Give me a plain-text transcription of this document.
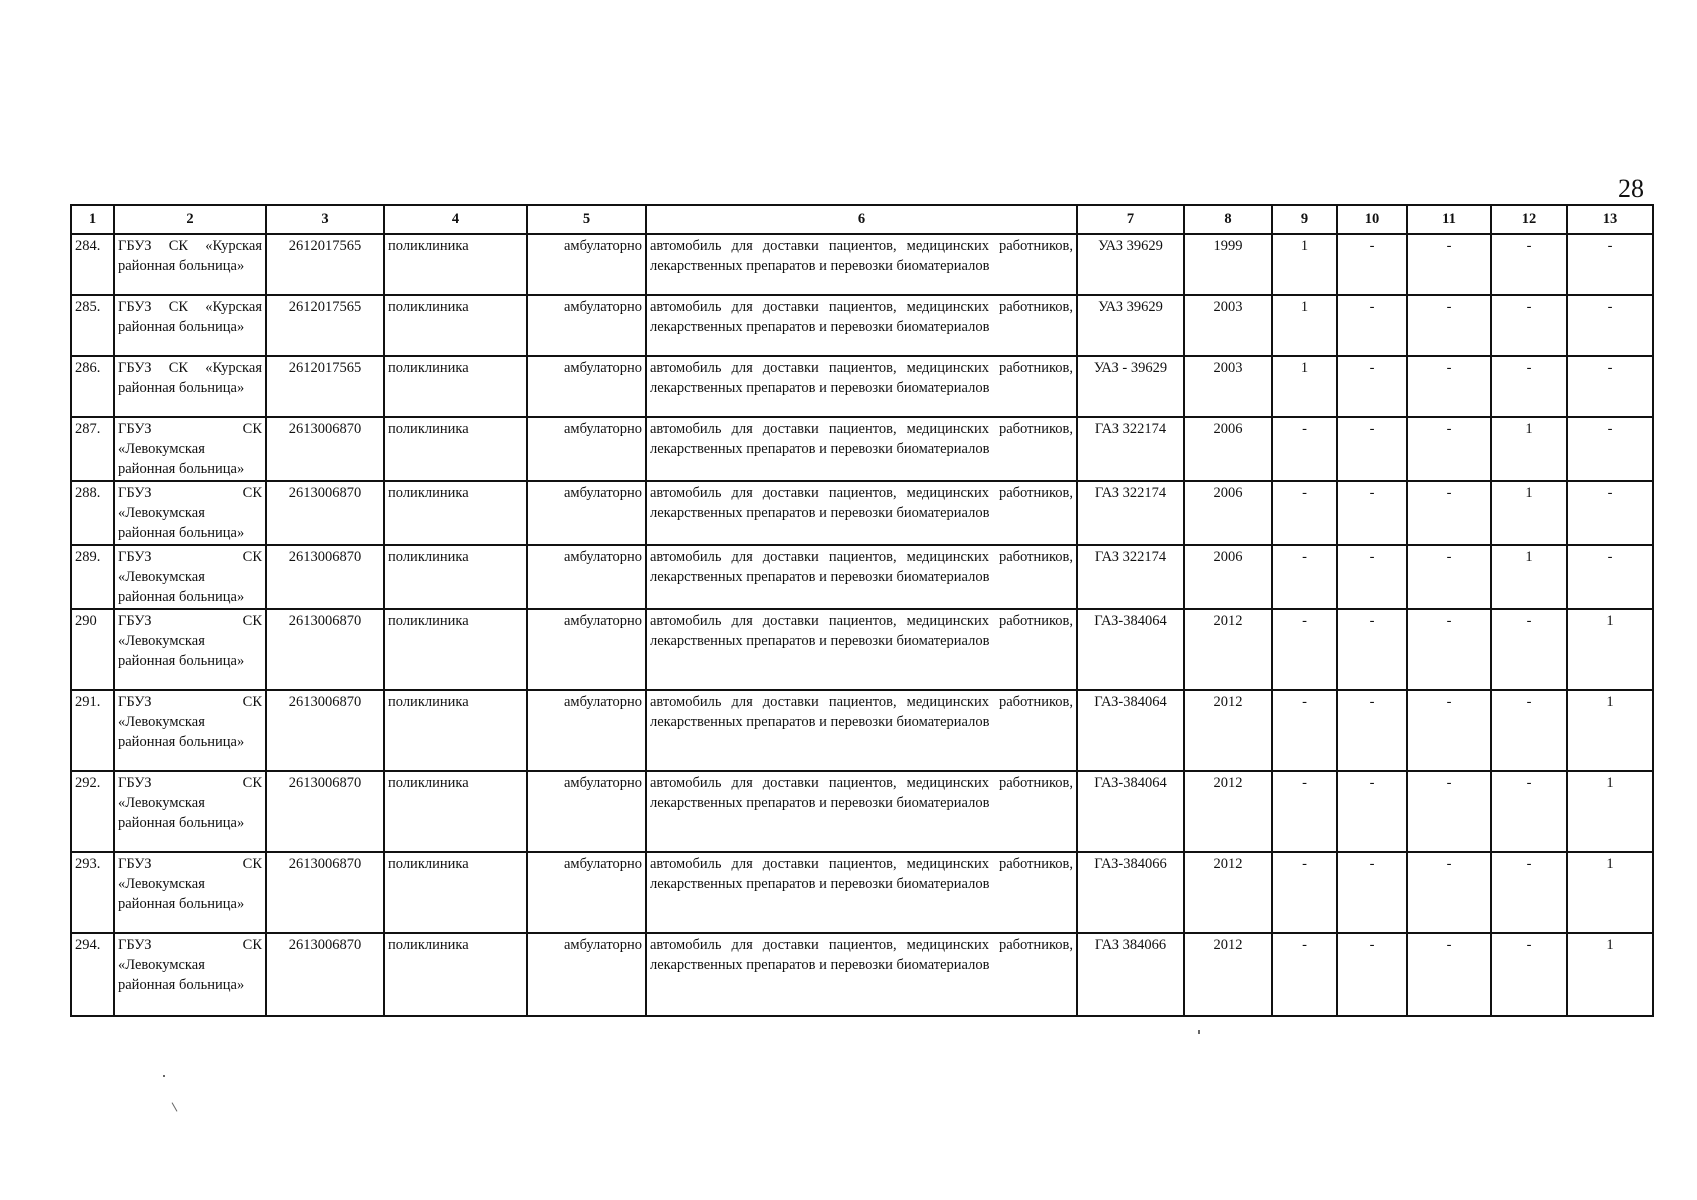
28
1	2	3	4	5	6	7	8	9	10	11	12	13
284.	ГБУЗ СК «Курская районная больница»	2612017565	поликлиника	амбулаторно	автомобиль для доставки пациентов, медицинских работников, лекарственных препаратов и перевозки биоматериалов	УАЗ 39629	1999	1	-	-	-	-
285.	ГБУЗ СК «Курская районная больница»	2612017565	поликлиника	амбулаторно	автомобиль для доставки пациентов, медицинских работников, лекарственных препаратов и перевозки биоматериалов	УАЗ 39629	2003	1	-	-	-	-
286.	ГБУЗ СК «Курская районная больница»	2612017565	поликлиника	амбулаторно	автомобиль для доставки пациентов, медицинских работников, лекарственных препаратов и перевозки биоматериалов	УАЗ - 39629	2003	1	-	-	-	-
287.	ГБУЗ СК «Левокумская районная больница»	2613006870	поликлиника	амбулаторно	автомобиль для доставки пациентов, медицинских работников, лекарственных препаратов и перевозки биоматериалов	ГАЗ 322174	2006	-	-	-	1	-
288.	ГБУЗ СК «Левокумская районная больница»	2613006870	поликлиника	амбулаторно	автомобиль для доставки пациентов, медицинских работников, лекарственных препаратов и перевозки биоматериалов	ГАЗ 322174	2006	-	-	-	1	-
289.	ГБУЗ СК «Левокумская районная больница»	2613006870	поликлиника	амбулаторно	автомобиль для доставки пациентов, медицинских работников, лекарственных препаратов и перевозки биоматериалов	ГАЗ 322174	2006	-	-	-	1	-
290	ГБУЗ СК «Левокумская районная больница»	2613006870	поликлиника	амбулаторно	автомобиль для доставки пациентов, медицинских работников, лекарственных препаратов и перевозки биоматериалов	ГАЗ-384064	2012	-	-	-	-	1
291.	ГБУЗ СК «Левокумская районная больница»	2613006870	поликлиника	амбулаторно	автомобиль для доставки пациентов, медицинских работников, лекарственных препаратов и перевозки биоматериалов	ГАЗ-384064	2012	-	-	-	-	1
292.	ГБУЗ СК «Левокумская районная больница»	2613006870	поликлиника	амбулаторно	автомобиль для доставки пациентов, медицинских работников, лекарственных препаратов и перевозки биоматериалов	ГАЗ-384064	2012	-	-	-	-	1
293.	ГБУЗ СК «Левокумская районная больница»	2613006870	поликлиника	амбулаторно	автомобиль для доставки пациентов, медицинских работников, лекарственных препаратов и перевозки биоматериалов	ГАЗ-384066	2012	-	-	-	-	1
294.	ГБУЗ СК «Левокумская районная больница»	2613006870	поликлиника	амбулаторно	автомобиль для доставки пациентов, медицинских работников, лекарственных препаратов и перевозки биоматериалов	ГАЗ 384066	2012	-	-	-	-	1
